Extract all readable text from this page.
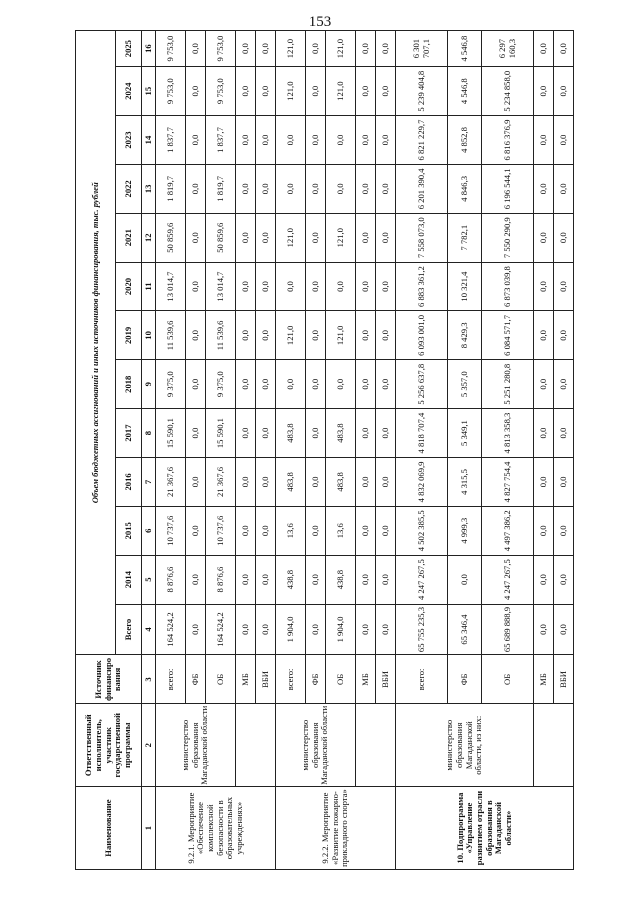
153
Наименование	Ответственный исполнитель, участник государственной программы	Источник финансирования	Объем бюджетных ассигнований и иных источников финансирования, тыс. рублей												
			Всего	2014	2015	2016	2017	2018	2019	2020	2021	2022	2023	2024	2025
1	2	3	4	5	6	7	8	9	10	11	12	13	14	15	16
9.2.1. Мероприятие «Обеспечение комплексной безопасности в образовательных учреждениях»	министерство образования Магаданской области	всего:	164 524,2	8 876,6	10 737,6	21 367,6	15 590,1	9 375,0	11 539,6	13 014,7	50 859,6	1 819,7	1 837,7	9 753,0	9 753,0
		ФБ	0,0	0,0	0,0	0,0	0,0	0,0	0,0	0,0	0,0	0,0	0,0	0,0	0,0
		ОБ	164 524,2	8 876,6	10 737,6	21 367,6	15 590,1	9 375,0	11 539,6	13 014,7	50 859,6	1 819,7	1 837,7	9 753,0	9 753,0
		МБ	0,0	0,0	0,0	0,0	0,0	0,0	0,0	0,0	0,0	0,0	0,0	0,0	0,0
		ВБИ	0,0	0,0	0,0	0,0	0,0	0,0	0,0	0,0	0,0	0,0	0,0	0,0	0,0
9.2.2. Мероприятие «Развитие пожарно-прикладного спорта»	министерство образования Магаданской области	всего:	1 904,0	438,8	13,6	483,8	483,8	0,0	121,0	0,0	121,0	0,0	0,0	121,0	121,0
		ФБ	0,0	0,0	0,0	0,0	0,0	0,0	0,0	0,0	0,0	0,0	0,0	0,0	0,0
		ОБ	1 904,0	438,8	13,6	483,8	483,8	0,0	121,0	0,0	121,0	0,0	0,0	121,0	121,0
		МБ	0,0	0,0	0,0	0,0	0,0	0,0	0,0	0,0	0,0	0,0	0,0	0,0	0,0
		ВБИ	0,0	0,0	0,0	0,0	0,0	0,0	0,0	0,0	0,0	0,0	0,0	0,0	0,0
10. Подпрограмма «Управление развитием отрасли образования в Магаданской области»	министерство образования Магаданской области, из них:	всего:	65 755 235,3	4 247 267,5	4 502 385,5	4 832 069,9	4 818 707,4	5 256 637,8	6 093 001,0	6 883 361,2	7 558 073,0	6 201 390,4	6 821 229,7	5 239 404,8	6 301 707,1
		ФБ	65 346,4	0,0	4 999,3	4 315,5	5 349,1	5 357,0	8 429,3	10 321,4	7 782,1	4 846,3	4 852,8	4 546,8	4 546,8
		ОБ	65 689 888,9	4 247 267,5	4 497 386,2	4 827 754,4	4 813 358,3	5 251 280,8	6 084 571,7	6 873 039,8	7 550 290,9	6 196 544,1	6 816 376,9	5 234 858,0	6 297 160,3
		МБ	0,0	0,0	0,0	0,0	0,0	0,0	0,0	0,0	0,0	0,0	0,0	0,0	0,0
		ВБИ	0,0	0,0	0,0	0,0	0,0	0,0	0,0	0,0	0,0	0,0	0,0	0,0	0,0
